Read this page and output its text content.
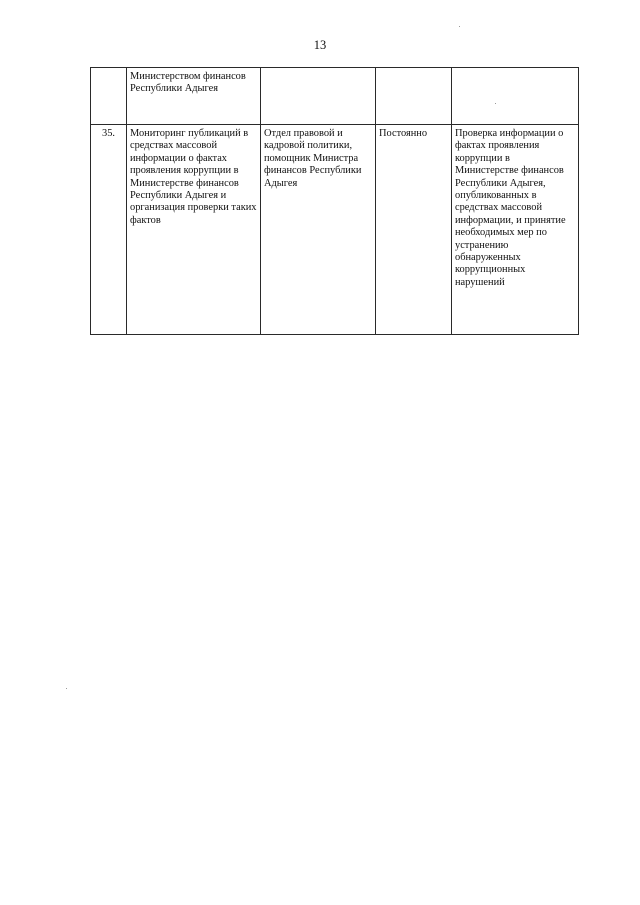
13

	Министерством финансов Республики Адыгея			

35.	Мониторинг публикаций в средствах массовой информации о фактах проявления коррупции в Министерстве финансов Республики Адыгея и организация проверки таких фактов	Отдел правовой и кадровой политики, помощник Министра финансов Республики Адыгея	Постоянно	Проверка информации о фактах проявления коррупции в Министерстве финансов Республики Адыгея, опубликованных в средствах массовой информации, и принятие необходимых мер по устранению обнаруженных коррупционных нарушений
